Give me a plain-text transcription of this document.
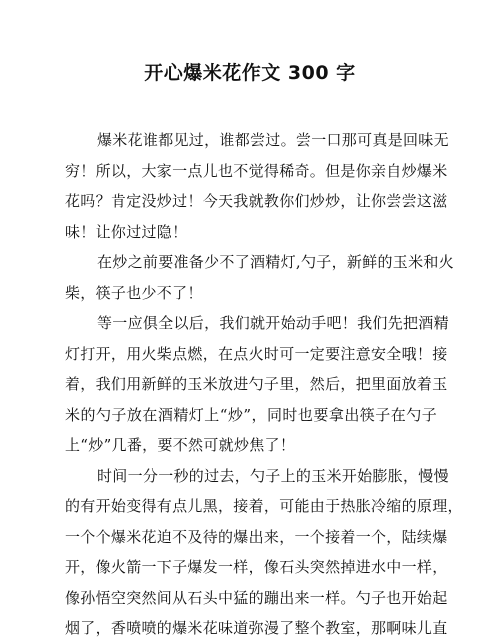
开心爆米花作文 300 字
爆米花谁都见过，谁都尝过。尝一口那可真是回味无
穷！所以，大家一点儿也不觉得稀奇。但是你亲自炒爆米
花吗？肯定没炒过！今天我就教你们炒炒，让你尝尝这滋
味！让你过过隐！
在炒之前要准备少不了酒精灯,勺子，新鲜的玉米和火
柴，筷子也少不了！
等一应俱全以后，我们就开始动手吧！我们先把酒精
灯打开，用火柴点燃，在点火时可一定要注意安全哦！接
着，我们用新鲜的玉米放进勺子里，然后，把里面放着玉
米的勺子放在酒精灯上“炒”，同时也要拿出筷子在勺子
上“炒”几番，要不然可就炒焦了！
时间一分一秒的过去，勺子上的玉米开始膨胀，慢慢
的有开始变得有点儿黑，接着，可能由于热胀冷缩的原理，
一个个爆米花迫不及待的爆出来，一个接着一个，陆续爆
开，像火箭一下子爆发一样，像石头突然掉进水中一样，
像孙悟空突然间从石头中猛的蹦出来一样。勺子也开始起
烟了，香喷喷的爆米花味道弥漫了整个教室，那啊味儿直
